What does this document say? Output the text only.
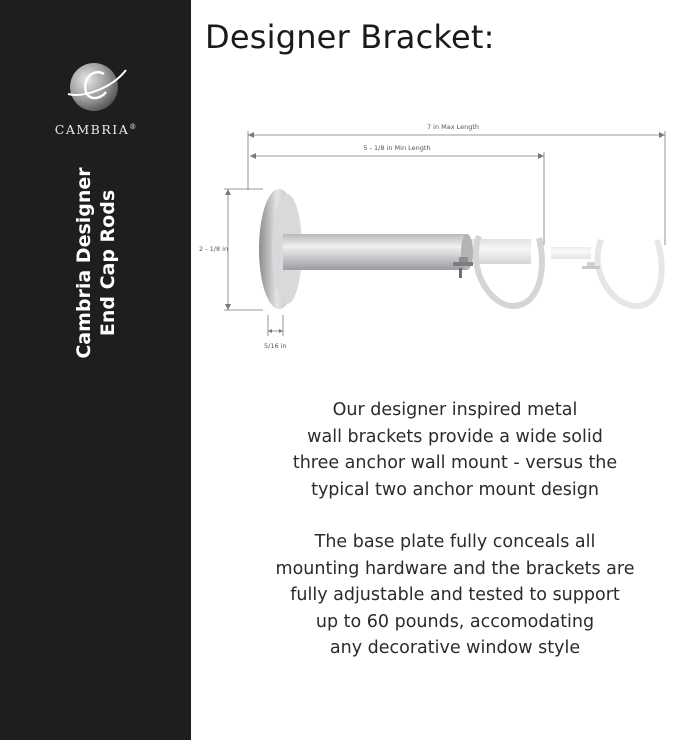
CAMBRIA®
Cambria Designer End Cap Rods
Designer Bracket:
7 in Max Length
5 - 1/8 in Min Length
2 - 1/8 in
5/16 in

Our designer inspired metal
wall brackets provide a wide solid
three anchor wall mount - versus the
typical two anchor mount design

The base plate fully conceals all
mounting hardware and the brackets are
fully adjustable and tested to support
up to 60 pounds, accomodating
any decorative window style
